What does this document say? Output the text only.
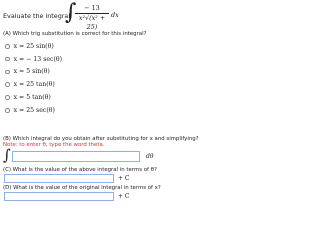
Evaluate the integral:
∫	− 13
x²√(x² + 25)
dx
(A) Which trig substitution is correct for this integral?
x = 25 sin(θ)
x = − 13 sec(θ)
x = 5 sin(θ)
x = 25 tan(θ)
x = 5 tan(θ)
x = 25 sec(θ)
(B) Which integral do you obtain after substituting for x and simplifying?
Note: to enter θ, type the word theta.
∫	dθ
(C) What is the value of the above integral in terms of θ?
+ C
(D) What is the value of the original integral in terms of x?
+ C
